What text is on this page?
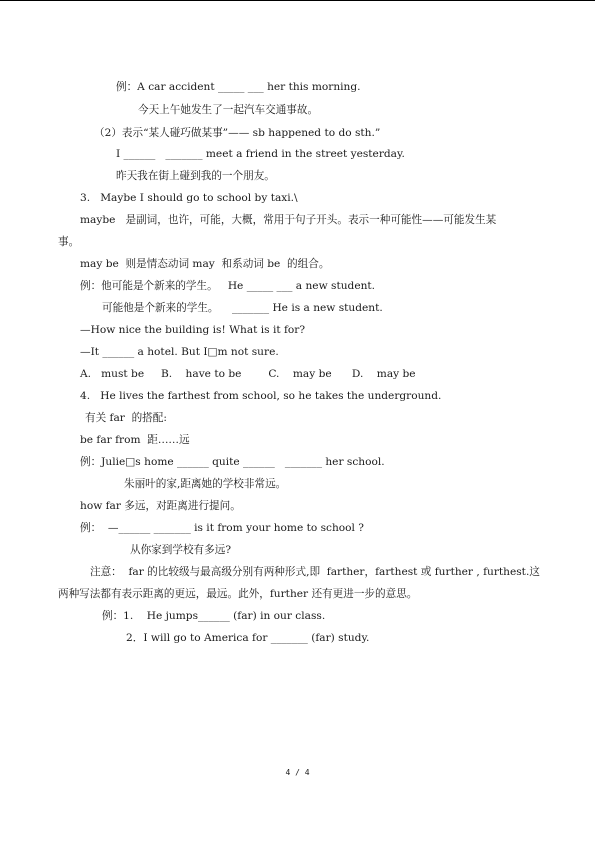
例：A car accident _____ ___ her this morning.
今天上午她发生了一起汽车交通事故。
（2）表示“某人碰巧做某事”—— sb happened to do sth.”
I ______   _______ meet a friend in the street yesterday.
昨天我在街上碰到我的一个朋友。
3.   Maybe I should go to school by taxi.\
maybe   是副词，也许，可能，大概，常用于句子开头。表示一种可能性——可能发生某
事。
may be  则是情态动词 may  和系动词 be  的组合。
例：他可能是个新来的学生。   He _____ ___ a new student.
可能他是个新来的学生。    _______ He is a new student.
—How nice the building is! What is it for?
—It ______ a hotel. But I□m not sure.
A.   must be     B.    have to be        C.    may be      D.    may be
4.   He lives the farthest from school, so he takes the underground.
有关 far  的搭配:
be far from  距……远
例：Julie□s home ______ quite ______   _______ her school.
朱丽叶的家,距离她的学校非常远。
how far 多远，对距离进行提问。
例：  —______ _______ is it from your home to school ?
从你家到学校有多远?
注意：  far 的比较级与最高级分别有两种形式,即  farther，farthest 或 further , furthest.这
两种写法都有表示距离的更远，最远。此外，further 还有更进一步的意思。
例：1.    He jumps______ (far) in our class.
2．I will go to America for _______ (far) study.
4 / 4
